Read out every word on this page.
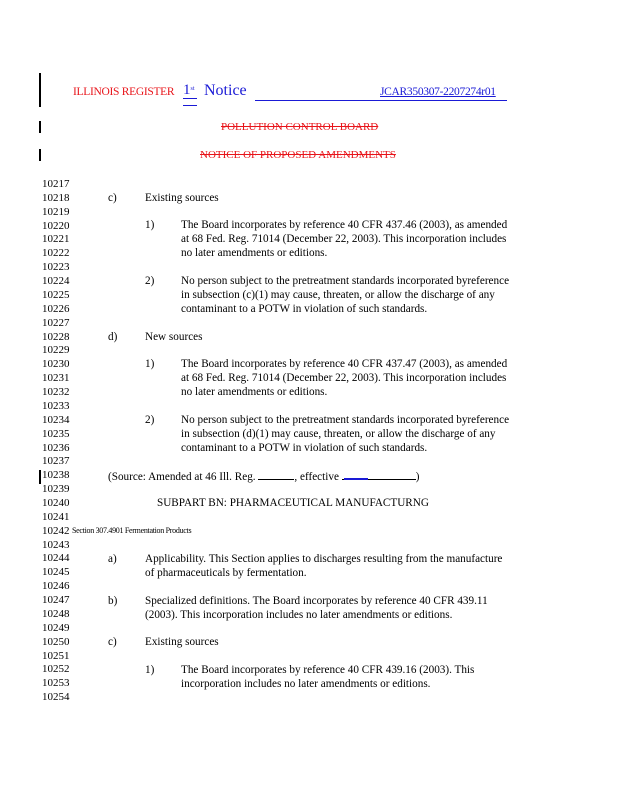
ILLINOIS REGISTER 1st Notice	JCAR350307-2207274r01
POLLUTION CONTROL BOARD
NOTICE OF PROPOSED AMENDMENTS
10217
10218
10219
10220
10221
10222
10223
10224
10225
10226
10227
10228
10229
10230
10231
10232
10233
10234
10235
10236
10237
10238
10239
10240
10241
10242
10243
10244
10245
10246
10247
10248
10249
10250
10251
10252
10253
10254
c)	Existing sources
1) The Board incorporates by reference 40 CFR 437.46 (2003), as amended
at 68 Fed. Reg. 71014 (December 22, 2003). This incorporation includes
no later amendments or editions.
2) No person subject to the pretreatment standards incorporated byreference
in subsection (c)(1) may cause, threaten, or allow the discharge of any
contaminant to a POTW in violation of such standards.
d) New sources
1) The Board incorporates by reference 40 CFR 437.47 (2003), as amended
at 68 Fed. Reg. 71014 (December 22, 2003). This incorporation includes
no later amendments or editions.
2) No person subject to the pretreatment standards incorporated byreference
in subsection (d)(1) may cause, threaten, or allow the discharge of any
contaminant to a POTW in violation of such standards.
(Source: Amended at 46 Ill. Reg.	, effective	)
SUBPART BN: PHARMACEUTICAL MANUFACTURNG
Section 307.4901 Fermentation Products
a)	Applicability. This Section applies to discharges resulting from the manufacture
of pharmaceuticals by fermentation.
b) Specialized definitions. The Board incorporates by reference 40 CFR 439.11
(2003). This incorporation includes no later amendments or editions.
c)	Existing sources
1) The Board incorporates by reference 40 CFR 439.16 (2003). This
incorporation includes no later amendments or editions.
